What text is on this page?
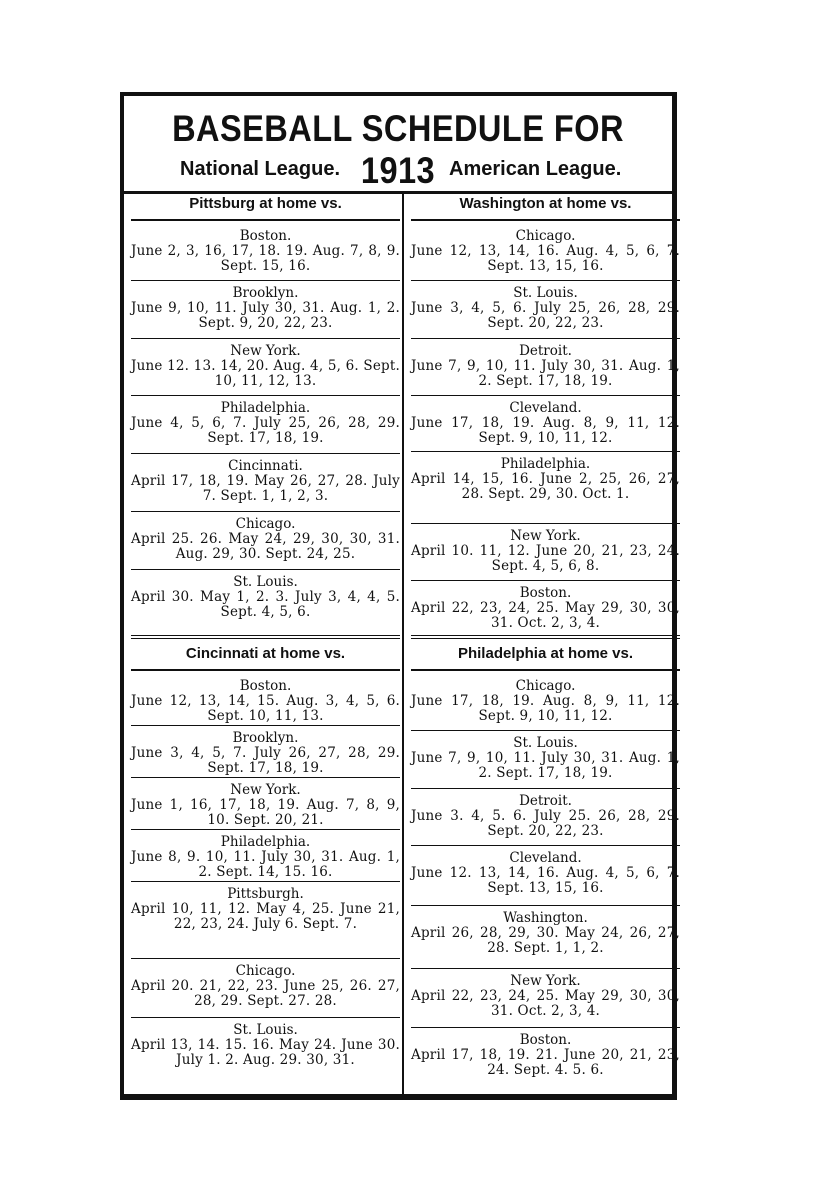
BASEBALL SCHEDULE FOR 1913
National League.	American League.
Pittsburg at home vs.
Boston.
June 2, 3, 16, 17, 18. 19. Aug. 7, 8, 9. Sept. 15, 16.
Brooklyn.
June 9, 10, 11. July 30, 31. Aug. 1, 2. Sept. 9, 20, 22, 23.
New York.
June 12. 13. 14, 20. Aug. 4, 5, 6. Sept. 10, 11, 12, 13.
Philadelphia.
June 4, 5, 6, 7. July 25, 26, 28, 29. Sept. 17, 18, 19.
Cincinnati.
April 17, 18, 19. May 26, 27, 28. July 7. Sept. 1, 1, 2, 3.
Chicago.
April 25. 26. May 24, 29, 30, 30, 31. Aug. 29, 30. Sept. 24, 25.
St. Louis.
April 30. May 1, 2. 3. July 3, 4, 4, 5. Sept. 4, 5, 6.
Cincinnati at home vs.
Boston.
June 12, 13, 14, 15. Aug. 3, 4, 5, 6. Sept. 10, 11, 13.
Brooklyn.
June 3, 4, 5, 7. July 26, 27, 28, 29. Sept. 17, 18, 19.
New York.
June 1, 16, 17, 18, 19. Aug. 7, 8, 9, 10. Sept. 20, 21.
Philadelphia.
June 8, 9. 10, 11. July 30, 31. Aug. 1, 2. Sept. 14, 15. 16.
Pittsburgh.
April 10, 11, 12. May 4, 25. June 21, 22, 23, 24. July 6. Sept. 7.
Chicago.
April 20. 21, 22, 23. June 25, 26. 27, 28, 29. Sept. 27. 28.
St. Louis.
April 13, 14. 15. 16. May 24. June 30. July 1. 2. Aug. 29. 30, 31.
Washington at home vs.
Chicago.
June 12, 13, 14, 16. Aug. 4, 5, 6, 7. Sept. 13, 15, 16.
St. Louis.
June 3, 4, 5, 6. July 25, 26, 28, 29. Sept. 20, 22, 23.
Detroit.
June 7, 9, 10, 11. July 30, 31. Aug. 1, 2. Sept. 17, 18, 19.
Cleveland.
June 17, 18, 19. Aug. 8, 9, 11, 12. Sept. 9, 10, 11, 12.
Philadelphia.
April 14, 15, 16. June 2, 25, 26, 27, 28. Sept. 29, 30. Oct. 1.
New York.
April 10. 11, 12. June 20, 21, 23, 24. Sept. 4, 5, 6, 8.
Boston.
April 22, 23, 24, 25. May 29, 30, 30, 31. Oct. 2, 3, 4.
Philadelphia at home vs.
Chicago.
June 17, 18, 19. Aug. 8, 9, 11, 12. Sept. 9, 10, 11, 12.
St. Louis.
June 7, 9, 10, 11. July 30, 31. Aug. 1, 2. Sept. 17, 18, 19.
Detroit.
June 3. 4, 5. 6. July 25. 26, 28, 29. Sept. 20, 22, 23.
Cleveland.
June 12. 13, 14, 16. Aug. 4, 5, 6, 7. Sept. 13, 15, 16.
Washington.
April 26, 28, 29, 30. May 24, 26, 27, 28. Sept. 1, 1, 2.
New York.
April 22, 23, 24, 25. May 29, 30, 30, 31. Oct. 2, 3, 4.
Boston.
April 17, 18, 19. 21. June 20, 21, 23, 24. Sept. 4. 5. 6.
